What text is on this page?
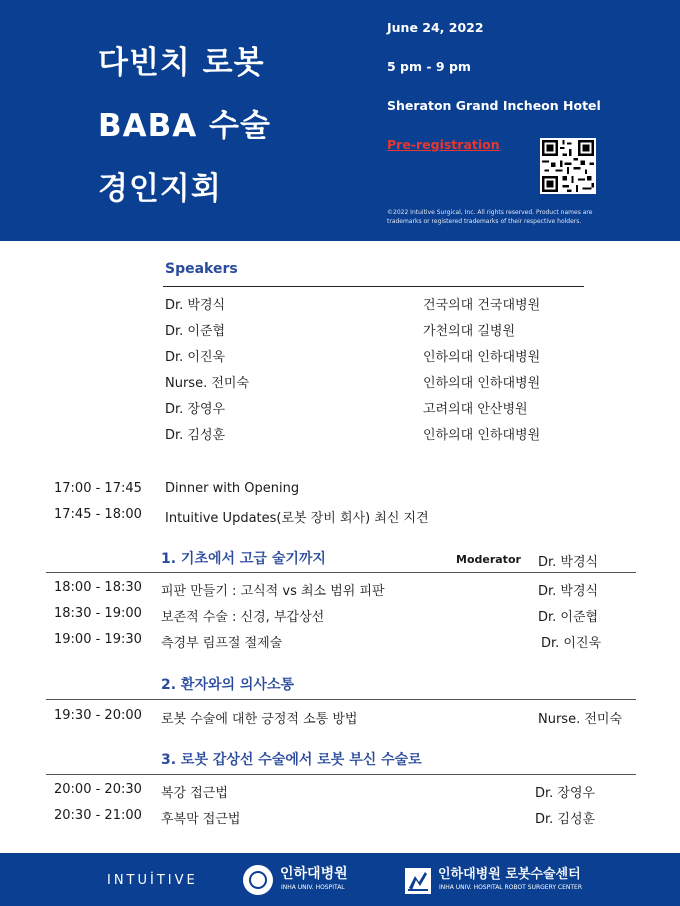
다빈치 로봇
BABA 수술
경인지회
June 24, 2022
5 pm - 9 pm
Sheraton Grand Incheon Hotel
Pre-registration
©2022 Intuitive Surgical, Inc. All rights reserved. Product names are trademarks or registered trademarks of their respective holders.
Speakers
Dr. 박경식	건국의대 건국대병원
Dr. 이준협	가천의대 길병원
Dr. 이진욱	인하의대 인하대병원
Nurse. 전미숙	인하의대 인하대병원
Dr. 장영우	고려의대 안산병원
Dr. 김성훈	인하의대 인하대병원
17:00 - 17:45 Dinner with Opening
17:45 - 18:00 Intuitive Updates(로봇 장비 회사) 최신 지견
1. 기초에서 고급 술기까지	Moderator Dr. 박경식
18:00 - 18:30 피판 만들기 : 고식적 vs 최소 범위 피판	Dr. 박경식
18:30 - 19:00 보존적 수술 : 신경, 부갑상선	Dr. 이준협
19:00 - 19:30 측경부 림프절 절제술	Dr. 이진욱
2. 환자와의 의사소통
19:30 - 20:00 로봇 수술에 대한 긍정적 소통 방법	Nurse. 전미숙
3. 로봇 갑상선 수술에서 로봇 부신 수술로
20:00 - 20:30 복강 접근법	Dr. 장영우
20:30 - 21:00 후복막 접근법	Dr. 김성훈
INTUİTIVE	인하대병원
INHA UNIV. HOSPITAL
인하대병원 로봇수술센터
INHA UNIV. HOSPITAL ROBOT SURGERY CENTER
